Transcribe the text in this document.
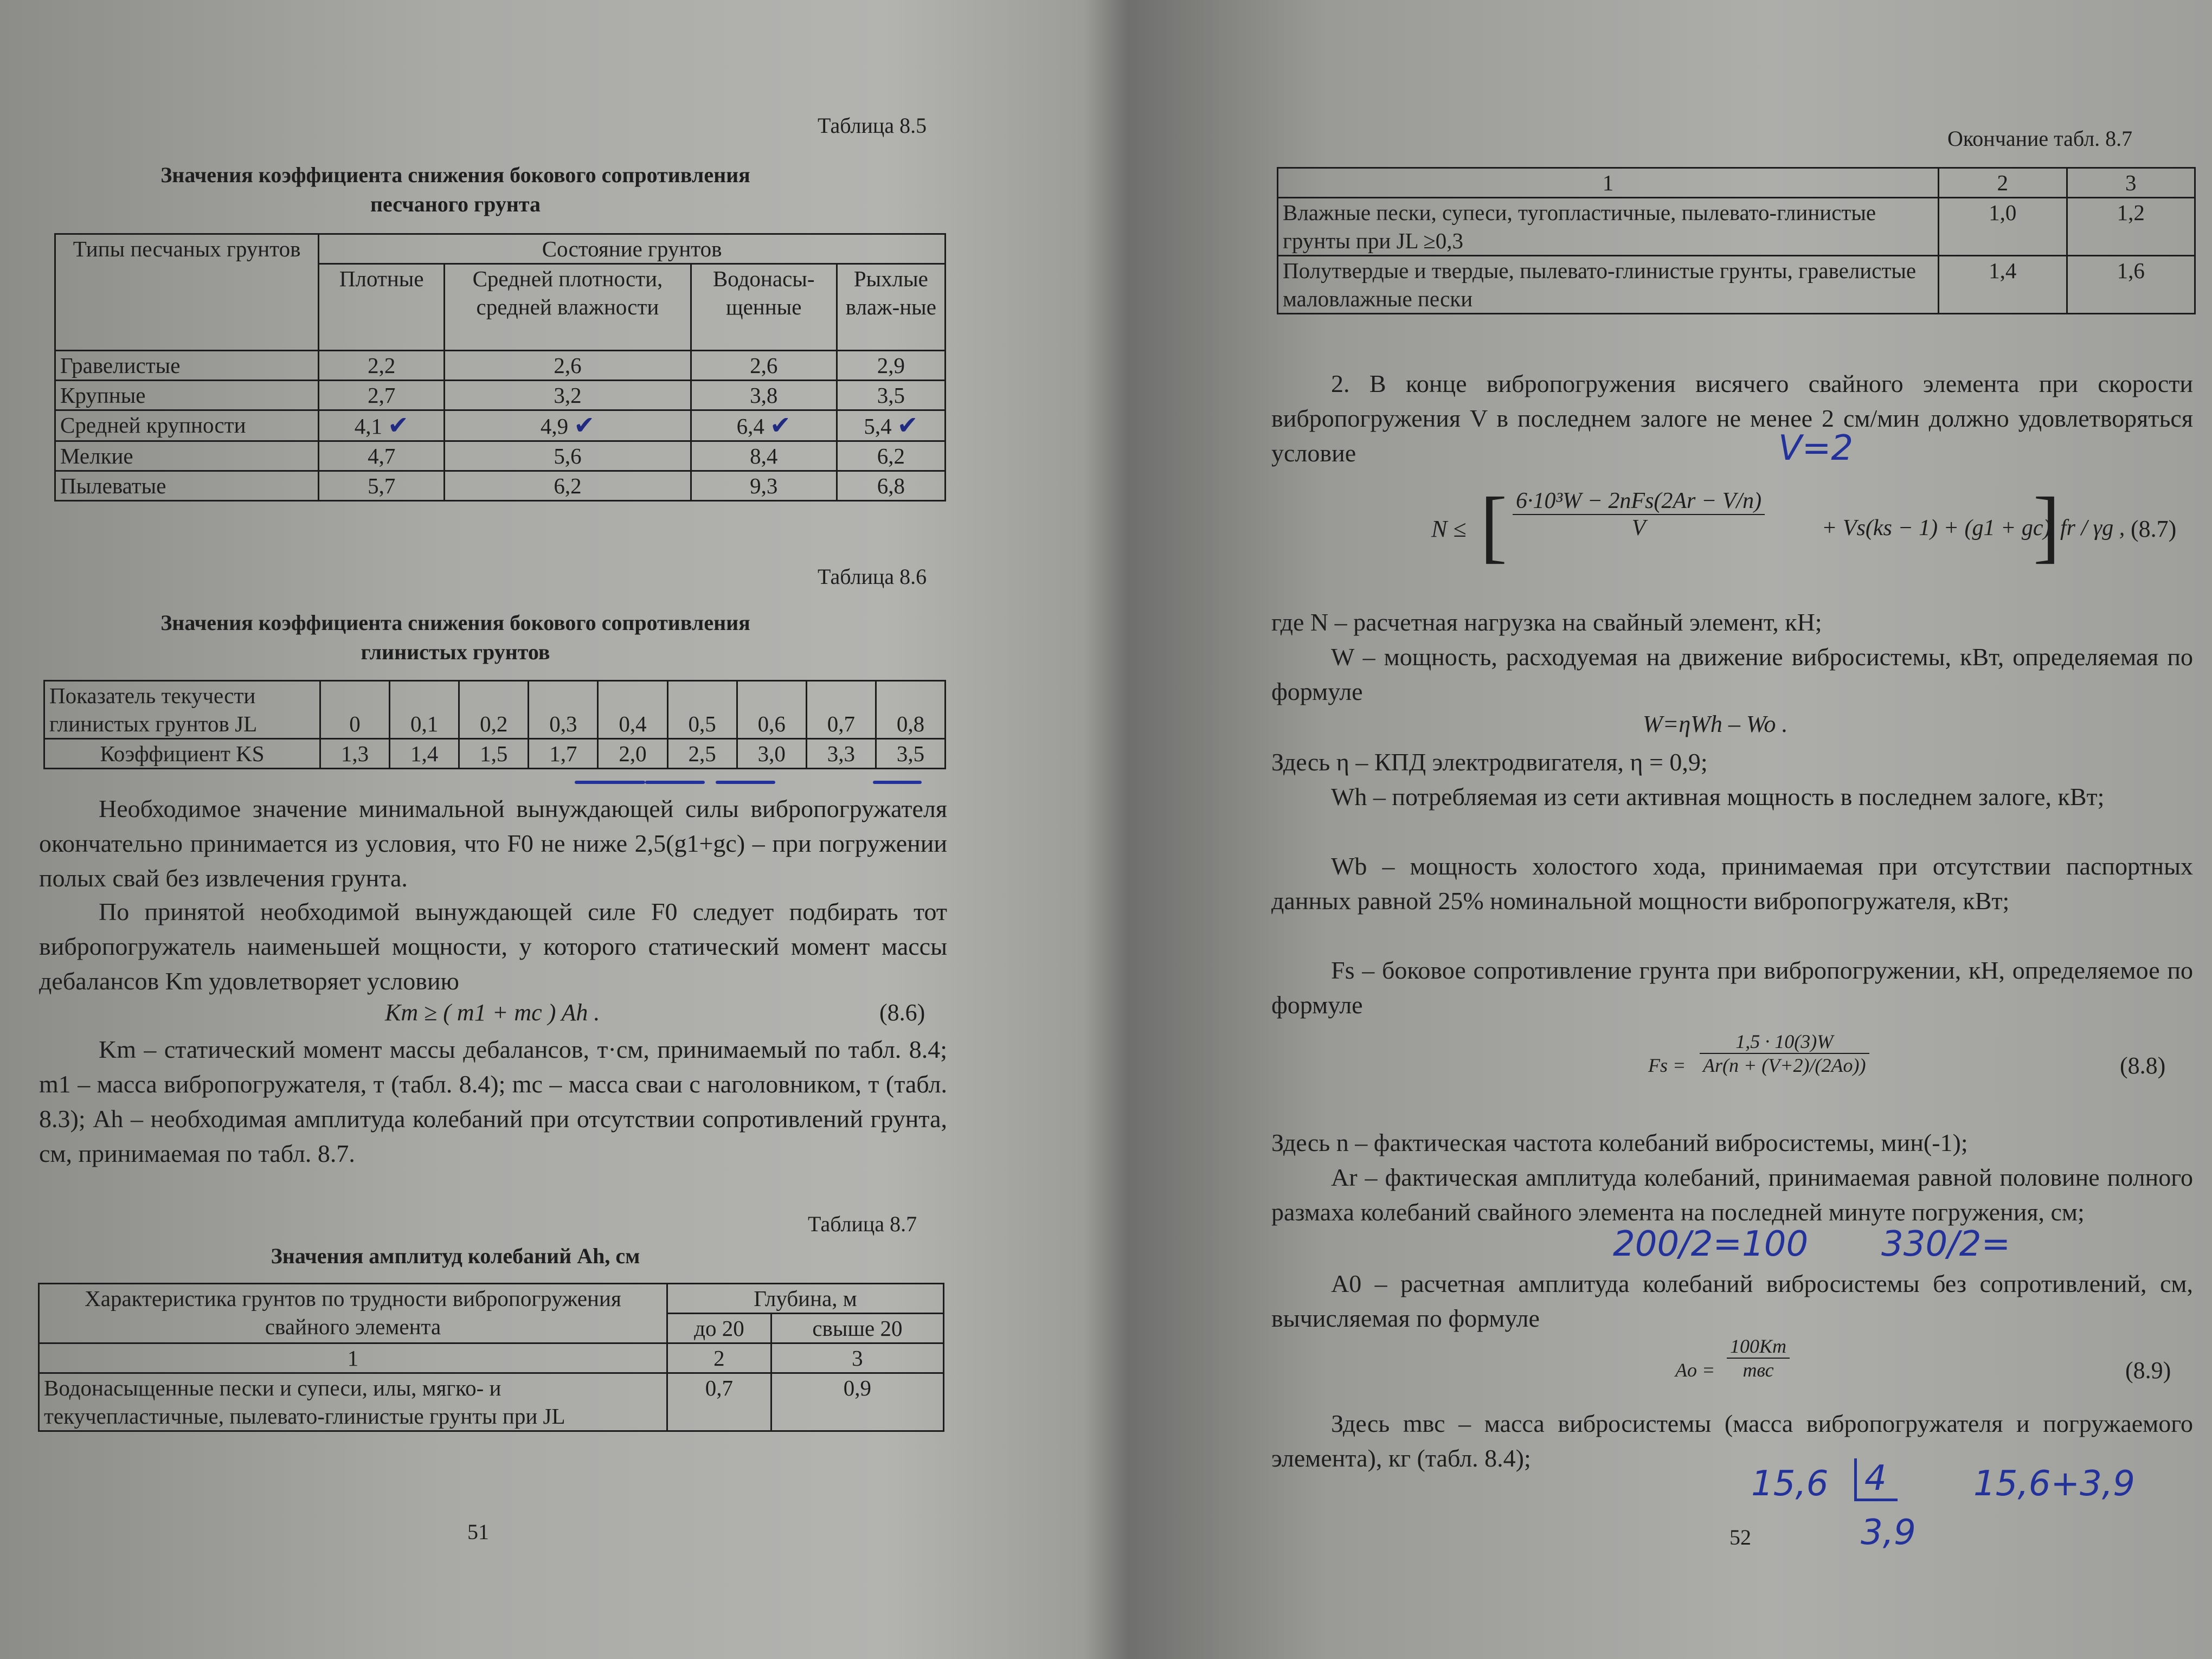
Таблица 8.5
Значения коэффициента снижения бокового сопротивления
песчаного грунта
Типы песчаных грунтов	Состояние грунтов			
	Плотные	Средней плотности, средней влажности	Водонасы-щенные	Рыхлые влаж-ные
Гравелистые	2,2	2,6	2,6	2,9
Крупные	2,7	3,2	3,8	3,5
Средней крупности	4,1 ✔	4,9 ✔	6,4 ✔	5,4 ✔
Мелкие	4,7	5,6	8,4	6,2
Пылеватые	5,7	6,2	9,3	6,8
Таблица 8.6
Значения коэффициента снижения бокового сопротивления
глинистых грунтов
Показатель текучести глинистых грунтов JL	0	0,1	0,2	0,3	0,4	0,5	0,6	0,7	0,8
Коэффициент KS	1,3	1,4	1,5	1,7	2,0	2,5	3,0	3,3	3,5
Необходимое значение минимальной вынуждающей силы вибропогружателя окончательно принимается из условия, что F0 не ниже 2,5(g1+gc) – при погружении полых свай без извлечения грунта.
По принятой необходимой вынуждающей силе F0 следует подбирать тот вибропогружатель наименьшей мощности, у которого статический момент массы дебалансов Km удовлетворяет условию
Km ≥ ( m1 + mc ) Ah .	(8.6)
Km – статический момент массы дебалансов, т·см, принимаемый по табл. 8.4; m1 – масса вибропогружателя, т (табл. 8.4); mc – масса сваи с наголовником, т (табл. 8.3); Ah – необходимая амплитуда колебаний при отсутствии сопротивлений грунта, см, принимаемая по табл. 8.7.
Таблица 8.7
Значения амплитуд колебаний Ah, см
Характеристика грунтов по трудности вибропогружения свайного элемента	Глубина, м	
	до 20	свыше 20
1	2	3
Водонасыщенные пески и супеси, илы, мягко- и текучепластичные, пылевато-глинистые грунты при JL	0,7	0,9
51
Окончание табл. 8.7
1	2	3
Влажные пески, супеси, тугопластичные, пылевато-глинистые грунты при JL ≥0,3	1,0	1,2
Полутвердые и твердые, пылевато-глинистые грунты, гравелистые маловлажные пески	1,4	1,6
2. В конце вибропогружения висячего свайного элемента при скорости вибропогружения V в последнем залоге не менее 2 см/мин должно удовлетворяться условие	V=2
N ≤ [ 6·10³W − 2nFs(2Ar − V/n)
V	+ Vs(ks − 1) + (g1 + gc)
] fr / γg , (8.7)
где N – расчетная нагрузка на свайный элемент, кН;
W – мощность, расходуемая на движение вибросистемы, кВт, определяемая по формуле
W=ηWh – Wo .
Здесь η – КПД электродвигателя, η = 0,9;
Wh – потребляемая из сети активная мощность в последнем залоге, кВт;
Wb – мощность холостого хода, принимаемая при отсутствии паспортных данных равной 25% номинальной мощности вибропогружателя, кВт;
Fs – боковое сопротивление грунта при вибропогружении, кН, определяемое по формуле
$Fs = \frac{1,5 \cdot 10(3)W}{Ar(n + (V+2)/(2Ao))}$	(8.8)
Здесь n – фактическая частота колебаний вибросистемы, мин(-1);
Ar – фактическая амплитуда колебаний, принимаемая равной половине полного размаха колебаний свайного элемента на последней минуте погружения, см;
200/2=100 330/2=
A0 – расчетная амплитуда колебаний вибросистемы без сопротивлений, см, вычисляемая по формуле
Ao =
100Km
mвс	(8.9)
Здесь mвс – масса вибросистемы (масса вибропогружателя и погружаемого элемента), кг (табл. 8.4);
15,6 4
3,9
15,6+3,9
52
